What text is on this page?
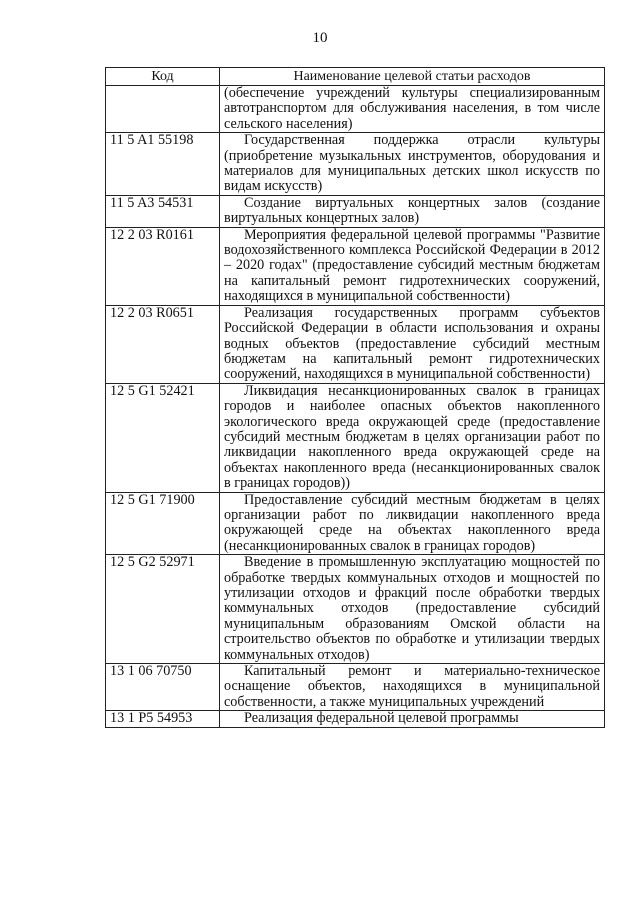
10
Код	Наименование целевой статьи расходов
	(обеспечение учреждений культуры специализированным автотранспортом для обслуживания населения, в том числе сельского населения)
11 5 A1 55198	Государственная поддержка отрасли культуры (приобретение музыкальных инструментов, оборудования и материалов для муниципальных детских школ искусств по видам искусств)
11 5 A3 54531	Создание виртуальных концертных залов (создание виртуальных концертных залов)
12 2 03 R0161	Мероприятия федеральной целевой программы "Развитие водохозяйственного комплекса Российской Федерации в 2012 – 2020 годах" (предоставление субсидий местным бюджетам на капитальный ремонт гидротехнических сооружений, находящихся в муниципальной собственности)
12 2 03 R0651	Реализация государственных программ субъектов Российской Федерации в области использования и охраны водных объектов (предоставление субсидий местным бюджетам на капитальный ремонт гидротехнических сооружений, находящихся в муниципальной собственности)
12 5 G1 52421	Ликвидация несанкционированных свалок в границах городов и наиболее опасных объектов накопленного экологического вреда окружающей среде (предоставление субсидий местным бюджетам в целях организации работ по ликвидации накопленного вреда окружающей среде на объектах накопленного вреда (несанкционированных свалок в границах городов))
12 5 G1 71900	Предоставление субсидий местным бюджетам в целях организации работ по ликвидации накопленного вреда окружающей среде на объектах накопленного вреда (несанкционированных свалок в границах городов)
12 5 G2 52971	Введение в промышленную эксплуатацию мощностей по обработке твердых коммунальных отходов и мощностей по утилизации отходов и фракций после обработки твердых коммунальных отходов (предоставление субсидий муниципальным образованиям Омской области на строительство объектов по обработке и утилизации твердых коммунальных отходов)
13 1 06 70750	Капитальный ремонт и материально-техническое оснащение объектов, находящихся в муниципальной собственности, а также муниципальных учреждений
13 1 P5 54953	Реализация федеральной целевой программы
